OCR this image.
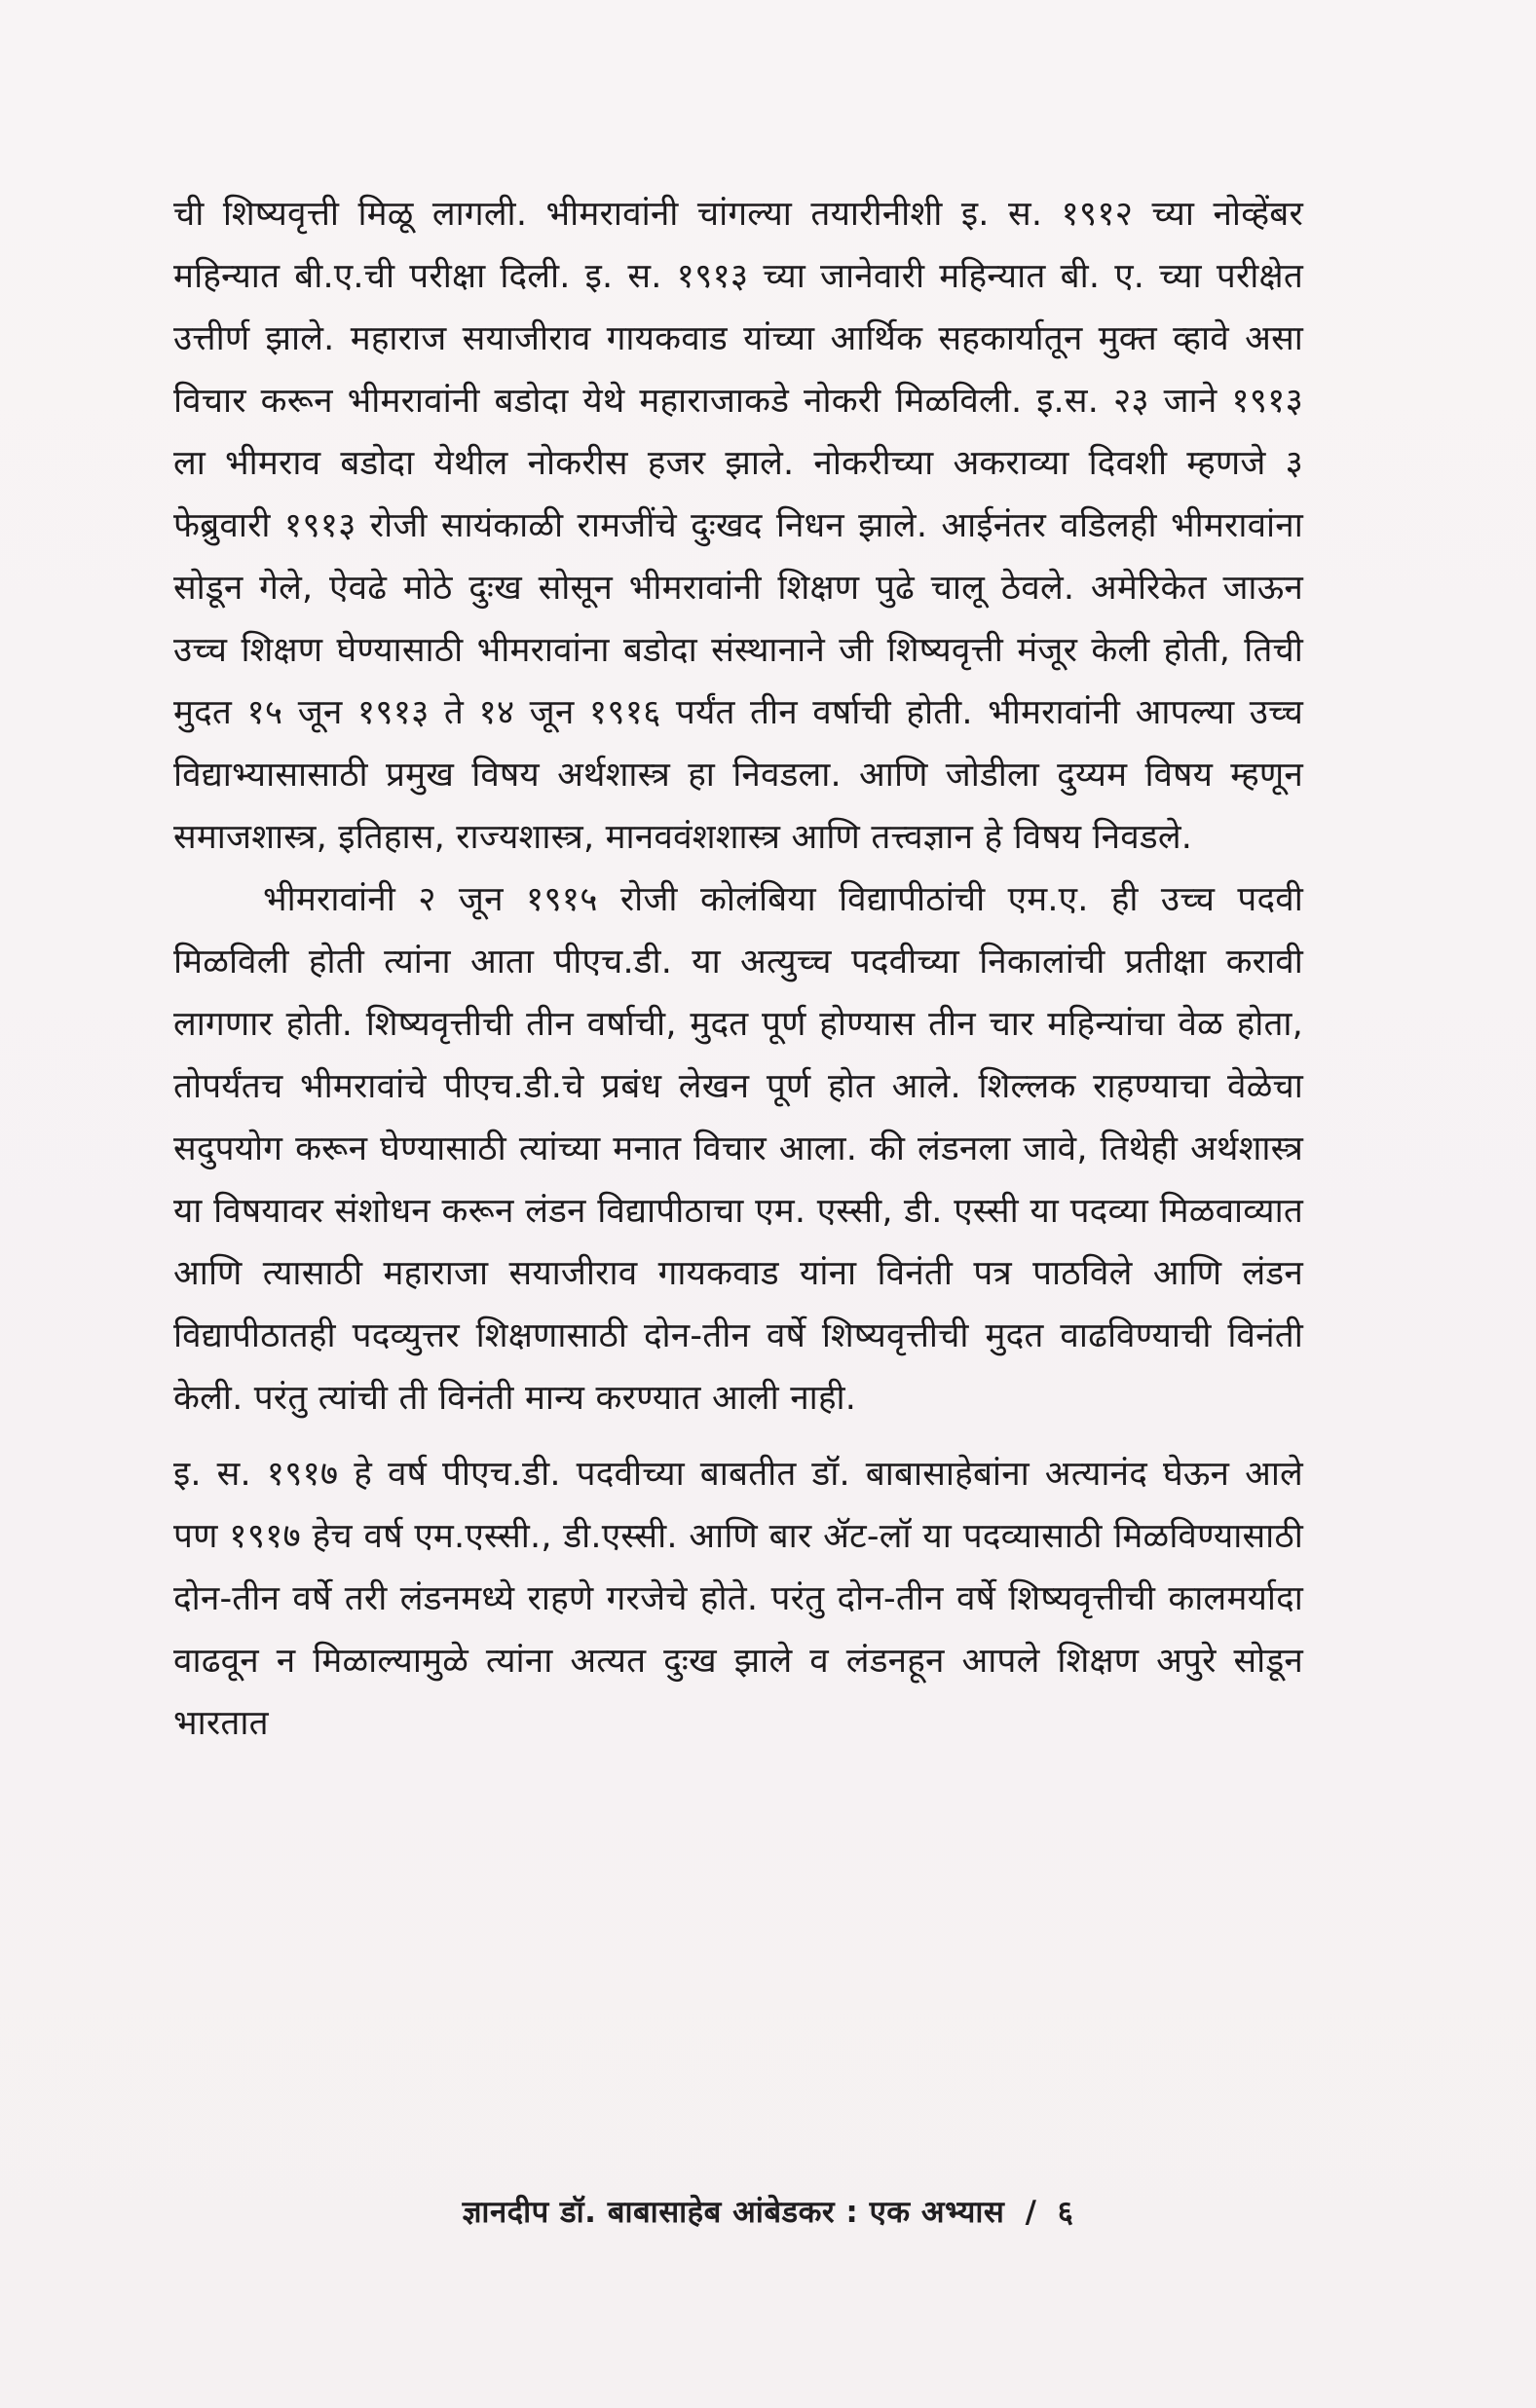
ची शिष्यवृत्ती मिळू लागली. भीमरावांनी चांगल्या तयारीनीशी इ. स. १९१२ च्या नोव्हेंबर महिन्यात बी.ए.ची परीक्षा दिली. इ. स. १९१३ च्या जानेवारी महिन्यात बी. ए. च्या परीक्षेत उत्तीर्ण झाले. महाराज सयाजीराव गायकवाड यांच्या आर्थिक सहकार्यातून मुक्त व्हावे असा विचार करून भीमरावांनी बडोदा येथे महाराजाकडे नोकरी मिळविली. इ.स. २३ जाने १९१३ ला भीमराव बडोदा येथील नोकरीस हजर झाले. नोकरीच्या अकराव्या दिवशी म्हणजे ३ फेब्रुवारी १९१३ रोजी सायंकाळी रामजींचे दुःखद निधन झाले. आईनंतर वडिलही भीमरावांना सोडून गेले, ऐवढे मोठे दुःख सोसून भीमरावांनी शिक्षण पुढे चालू ठेवले. अमेरिकेत जाऊन उच्च शिक्षण घेण्यासाठी भीमरावांना बडोदा संस्थानाने जी शिष्यवृत्ती मंजूर केली होती, तिची मुदत १५ जून १९१३ ते १४ जून १९१६ पर्यंत तीन वर्षाची होती. भीमरावांनी आपल्या उच्च विद्याभ्यासासाठी प्रमुख विषय अर्थशास्त्र हा निवडला. आणि जोडीला दुय्यम विषय म्हणून समाजशास्त्र, इतिहास, राज्यशास्त्र, मानववंशशास्त्र आणि तत्त्वज्ञान हे विषय निवडले.

भीमरावांनी २ जून १९१५ रोजी कोलंबिया विद्यापीठांची एम.ए. ही उच्च पदवी मिळविली होती त्यांना आता पीएच.डी. या अत्युच्च पदवीच्या निकालांची प्रतीक्षा करावी लागणार होती. शिष्यवृत्तीची तीन वर्षाची, मुदत पूर्ण होण्यास तीन चार महिन्यांचा वेळ होता, तोपर्यंतच भीमरावांचे पीएच.डी.चे प्रबंध लेखन पूर्ण होत आले. शिल्लक राहण्याचा वेळेचा सदुपयोग करून घेण्यासाठी त्यांच्या मनात विचार आला. की लंडनला जावे, तिथेही अर्थशास्त्र या विषयावर संशोधन करून लंडन विद्यापीठाचा एम. एस्सी, डी. एस्सी या पदव्या मिळवाव्यात आणि त्यासाठी महाराजा सयाजीराव गायकवाड यांना विनंती पत्र पाठविले आणि लंडन विद्यापीठातही पदव्युत्तर शिक्षणासाठी दोन-तीन वर्षे शिष्यवृत्तीची मुदत वाढविण्याची विनंती केली. परंतु त्यांची ती विनंती मान्य करण्यात आली नाही.

इ. स. १९१७ हे वर्ष पीएच.डी. पदवीच्या बाबतीत डॉ. बाबासाहेबांना अत्यानंद घेऊन आले पण १९१७ हेच वर्ष एम.एस्सी., डी.एस्सी. आणि बार ॲट-लॉ या पदव्यासाठी मिळविण्यासाठी दोन-तीन वर्षे तरी लंडनमध्ये राहणे गरजेचे होते. परंतु दोन-तीन वर्षे शिष्यवृत्तीची कालमर्यादा वाढवून न मिळाल्यामुळे त्यांना अत्यत दुःख झाले व लंडनहून आपले शिक्षण अपुरे सोडून भारतात

ज्ञानदीप डॉ. बाबासाहेब आंबेडकर : एक अभ्यास / ६
